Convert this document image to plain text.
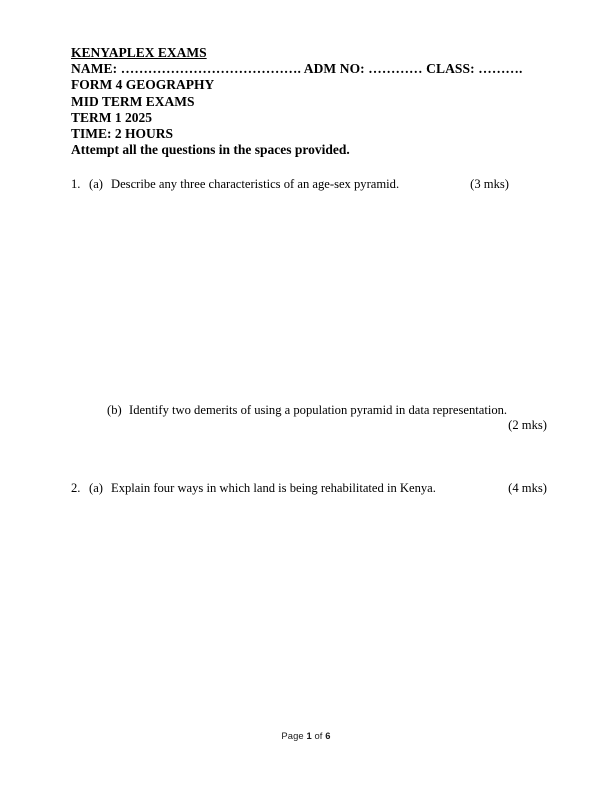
KENYAPLEX EXAMS
NAME: …………………………………. ADM NO: ………… CLASS: ……….
FORM 4 GEOGRAPHY
MID TERM EXAMS
TERM 1 2025
TIME: 2 HOURS
Attempt all the questions in the spaces provided.
1. (a) Describe any three characteristics of an age-sex pyramid.	(3 mks)
(b) Identify two demerits of using a population pyramid in data representation.
(2 mks)
2. (a) Explain four ways in which land is being rehabilitated in Kenya.	(4 mks)
Page 1 of 6
